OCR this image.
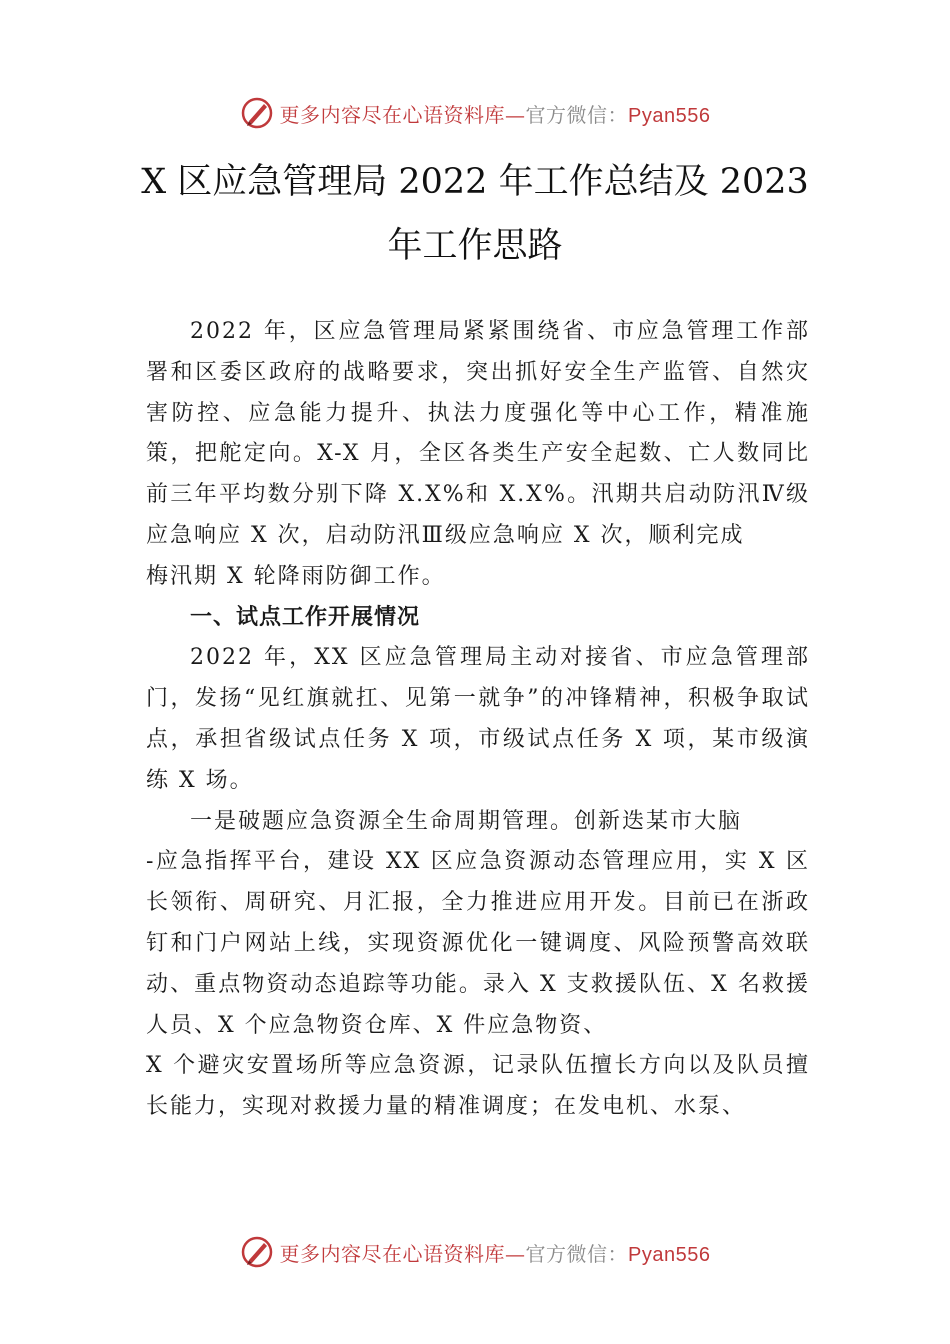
更多内容尽在心语资料库—官方微信：Pyan556
X 区应急管理局 2022 年工作总结及 2023
年工作思路

2022 年，区应急管理局紧紧围绕省、市应急管理工作部署和区委区政府的战略要求，突出抓好安全生产监管、自然灾害防控、应急能力提升、执法力度强化等中心工作，精准施策，把舵定向。X-X 月，全区各类生产安全起数、亡人数同比前三年平均数分别下降 X.X%和 X.X%。汛期共启动防汛Ⅳ级应急响应 X 次，启动防汛Ⅲ级应急响应 X 次，顺利完成

梅汛期 X 轮降雨防御工作。

一、试点工作开展情况

2022 年，XX 区应急管理局主动对接省、市应急管理部门，发扬“见红旗就扛、见第一就争”的冲锋精神，积极争取试点，承担省级试点任务 X 项，市级试点任务 X 项，某市级演练 X 场。

一是破题应急资源全生命周期管理。创新迭某市大脑

-应急指挥平台，建设 XX 区应急资源动态管理应用，实 X 区长领衔、周研究、月汇报，全力推进应用开发。目前已在浙政钉和门户网站上线，实现资源优化一键调度、风险预警高效联动、重点物资动态追踪等功能。录入 X 支救援队伍、X 名救援人员、X 个应急物资仓库、X 件应急物资、

X 个避灾安置场所等应急资源，记录队伍擅长方向以及队员擅长能力，实现对救援力量的精准调度；在发电机、水泵、

更多内容尽在心语资料库—官方微信：Pyan556
